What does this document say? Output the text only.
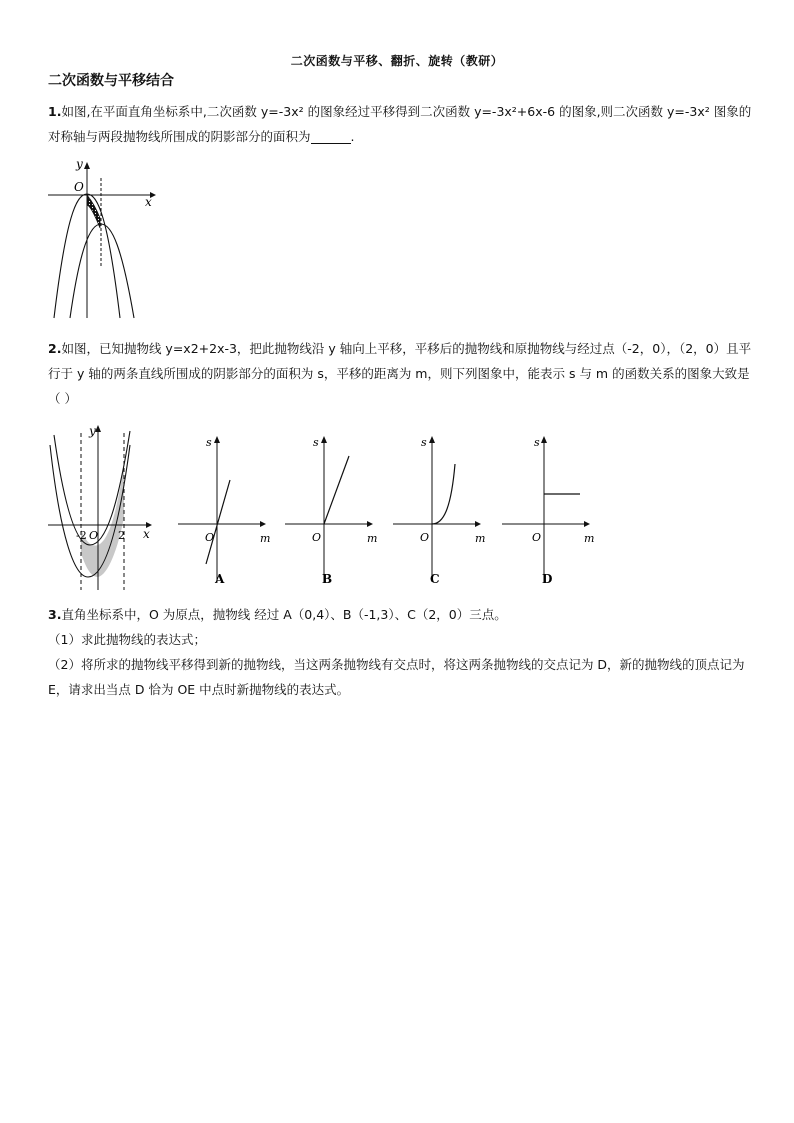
二次函数与平移、翻折、旋转（教研）
二次函数与平移结合
1.如图,在平面直角坐标系中,二次函数 y=-3x² 的图象经过平移得到二次函数 y=-3x²+6x-6 的图象,则二次函数 y=-3x² 图象的对称轴与两段抛物线所围成的阴影部分的面积为	.
O
x
y
2.如图，已知抛物线 y=x2+2x-3，把此抛物线沿 y 轴向上平移，平移后的抛物线和原抛物线与经过点（-2，0），（2，0）且平行于 y 轴的两条直线所围成的阴影部分的面积为 s，平移的距离为 m，则下列图象中，能表示 s 与 m 的函数关系的图象大致是（ ）
-2	2
O	x
y
s
m
O
A
s
m
O
B
s
m
O
C
s
m
O
D
3.直角坐标系中，O 为原点，抛物线 经过 A（0,4）、B（-1,3）、C（2，0）三点。
（1）求此抛物线的表达式；
（2）将所求的抛物线平移得到新的抛物线，当这两条抛物线有交点时，将这两条抛物线的交点记为 D，新的抛物线的顶点记为 E，请求出当点 D 恰为 OE 中点时新抛物线的表达式。
